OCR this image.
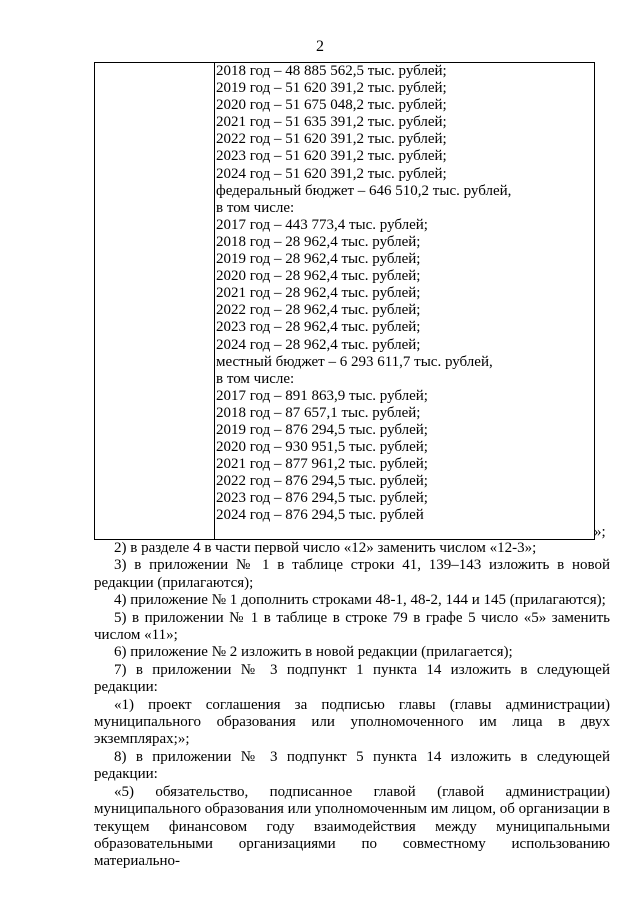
2
2018 год – 48 885 562,5 тыс. рублей;
2019 год – 51 620 391,2 тыс. рублей;
2020 год – 51 675 048,2 тыс. рублей;
2021 год – 51 635 391,2 тыс. рублей;
2022 год – 51 620 391,2 тыс. рублей;
2023 год – 51 620 391,2 тыс. рублей;
2024 год – 51 620 391,2 тыс. рублей;
федеральный бюджет – 646 510,2 тыс. рублей,
в том числе:
2017 год – 443 773,4 тыс. рублей;
2018 год – 28 962,4 тыс. рублей;
2019 год – 28 962,4 тыс. рублей;
2020 год – 28 962,4 тыс. рублей;
2021 год – 28 962,4 тыс. рублей;
2022 год – 28 962,4 тыс. рублей;
2023 год – 28 962,4 тыс. рублей;
2024 год – 28 962,4 тыс. рублей;
местный бюджет – 6 293 611,7 тыс. рублей,
в том числе:
2017 год – 891 863,9 тыс. рублей;
2018 год – 87 657,1 тыс. рублей;
2019 год – 876 294,5 тыс. рублей;
2020 год – 930 951,5 тыс. рублей;
2021 год – 877 961,2 тыс. рублей;
2022 год – 876 294,5 тыс. рублей;
2023 год – 876 294,5 тыс. рублей;
2024 год – 876 294,5 тыс. рублей
»;

2) в разделе 4 в части первой число «12» заменить числом «12-3»;

3) в приложении № 1 в таблице строки 41, 139–143 изложить в новой редакции (прилагаются);

4) приложение № 1 дополнить строками 48-1, 48-2, 144 и 145 (прилагаются);

5) в приложении № 1 в таблице в строке 79 в графе 5 число «5» заменить числом «11»;

6) приложение № 2 изложить в новой редакции (прилагается);

7) в приложении № 3 подпункт 1 пункта 14 изложить в следующей редакции:

«1) проект соглашения за подписью главы (главы администрации) муниципального образования или уполномоченного им лица в двух экземплярах;»;

8) в приложении № 3 подпункт 5 пункта 14 изложить в следующей редакции:

«5) обязательство, подписанное главой (главой администрации) муниципального образования или уполномоченным им лицом, об организации в текущем финансовом году взаимодействия между муниципальными образовательными организациями по совместному использованию материально-
